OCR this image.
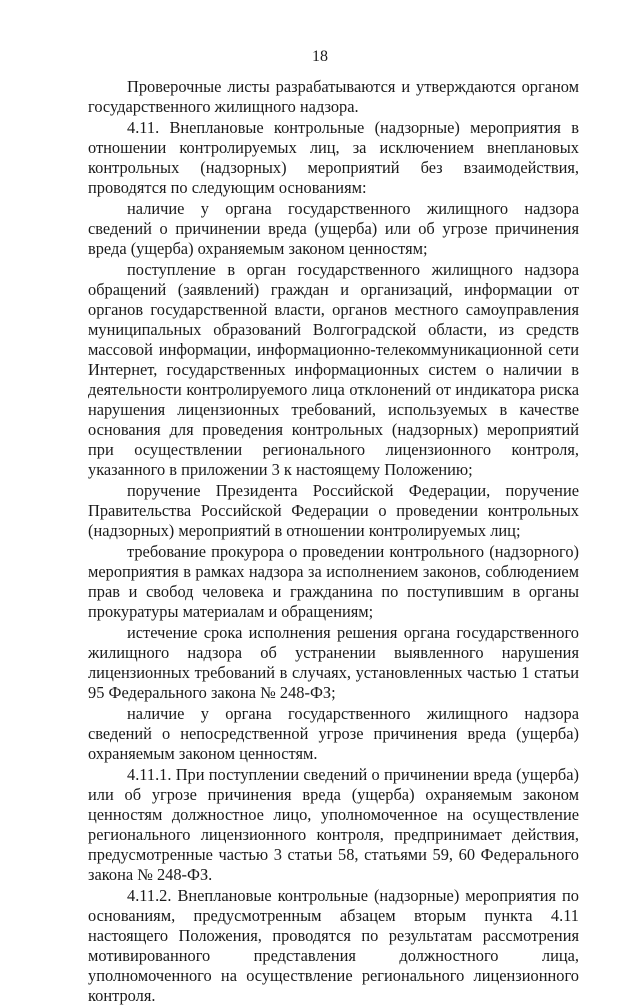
18

Проверочные листы разрабатываются и утверждаются органом государственного жилищного надзора.

4.11. Внеплановые контрольные (надзорные) мероприятия в отношении контролируемых лиц, за исключением внеплановых контрольных (надзорных) мероприятий без взаимодействия, проводятся по следующим основаниям:

наличие у органа государственного жилищного надзора сведений о причинении вреда (ущерба) или об угрозе причинения вреда (ущерба) охраняемым законом ценностям;

поступление в орган государственного жилищного надзора обращений (заявлений) граждан и организаций, информации от органов государственной власти, органов местного самоуправления муниципальных образований Волгоградской области, из средств массовой информации, информационно-телекоммуникационной сети Интернет, государственных информационных систем о наличии в деятельности контролируемого лица отклонений от индикатора риска нарушения лицензионных требований, используемых в качестве основания для проведения контрольных (надзорных) мероприятий при осуществлении регионального лицензионного контроля, указанного в приложении 3 к настоящему Положению;

поручение Президента Российской Федерации, поручение Правительства Российской Федерации о проведении контрольных (надзорных) мероприятий в отношении контролируемых лиц;

требование прокурора о проведении контрольного (надзорного) мероприятия в рамках надзора за исполнением законов, соблюдением прав и свобод человека и гражданина по поступившим в органы прокуратуры материалам и обращениям;

истечение срока исполнения решения органа государственного жилищного надзора об устранении выявленного нарушения лицензионных требований в случаях, установленных частью 1 статьи 95 Федерального закона № 248-ФЗ;

наличие у органа государственного жилищного надзора сведений о непосредственной угрозе причинения вреда (ущерба) охраняемым законом ценностям.

4.11.1. При поступлении сведений о причинении вреда (ущерба) или об угрозе причинения вреда (ущерба) охраняемым законом ценностям должностное лицо, уполномоченное на осуществление регионального лицензионного контроля, предпринимает действия, предусмотренные частью 3 статьи 58, статьями 59, 60 Федерального закона № 248-ФЗ.

4.11.2. Внеплановые контрольные (надзорные) мероприятия по основаниям, предусмотренным абзацем вторым пункта 4.11 настоящего Положения, проводятся по результатам рассмотрения мотивированного представления должностного лица, уполномоченного на осуществление регионального лицензионного контроля.
